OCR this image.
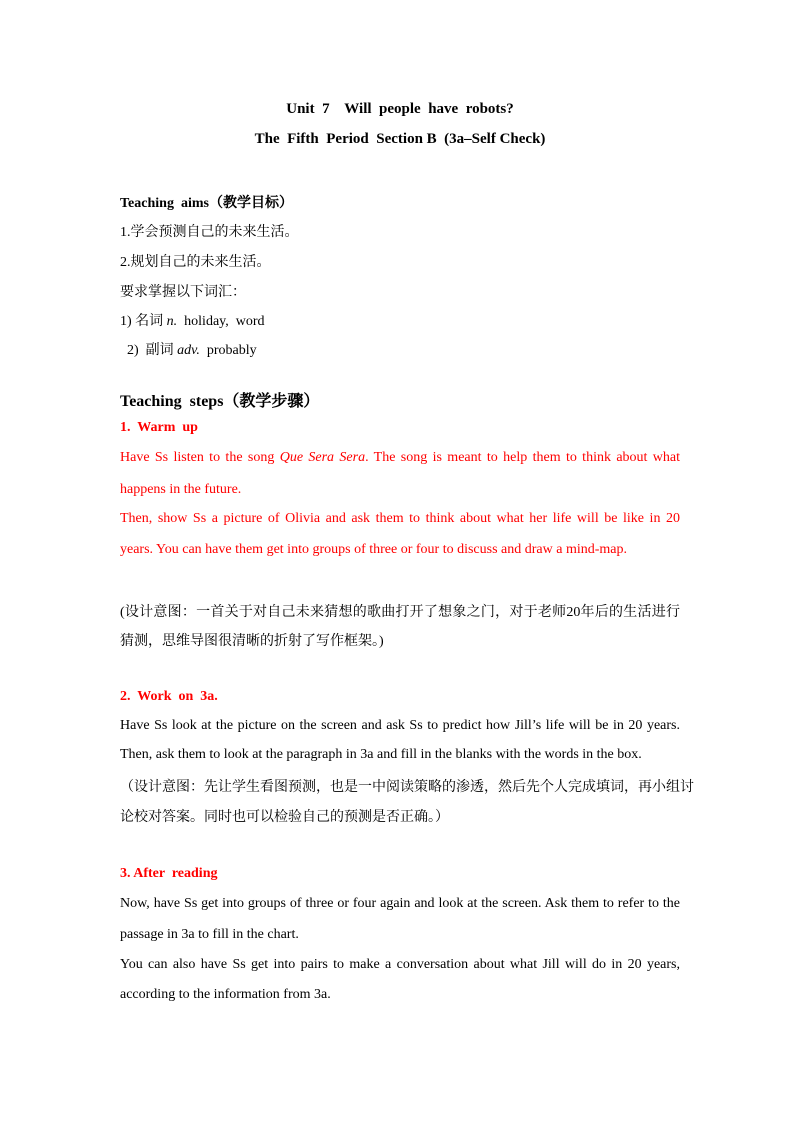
Unit  7    Will  people  have  robots?
The  Fifth  Period  Section B  (3a–Self Check)
Teaching  aims（教学目标）
1.学会预测自己的未来生活。
2.规划自己的未来生活。
要求掌握以下词汇：
1) 名词 n.  holiday,  word
2)  副词 adv.  probably
Teaching  steps（教学步骤）
1.  Warm  up
Have Ss listen to the song Que Sera Sera. The song is meant to help them to think about what
happens in the future.
Then, show Ss a picture of Olivia and ask them to think about what her life will be like in 20
years. You can have them get into groups of three or four to discuss and draw a mind-map.
(设计意图：一首关于对自己未来猜想的歌曲打开了想象之门，对于老师20年后的生活进行
猜测，思维导图很清晰的折射了写作框架。)
2.  Work  on  3a.
Have Ss look at the picture on the screen and ask Ss to predict how Jill’s life will be in 20 years.
Then, ask them to look at the paragraph in 3a and fill in the blanks with the words in the box.
（设计意图：先让学生看图预测，也是一中阅读策略的渗透，然后先个人完成填词，再小组讨
论校对答案。同时也可以检验自己的预测是否正确。）
3. After  reading
Now, have Ss get into groups of three or four again and look at the screen. Ask them to refer to the
passage in 3a to fill in the chart.
You can also have Ss get into pairs to make a conversation about what Jill will do in 20 years,
according to the information from 3a.
